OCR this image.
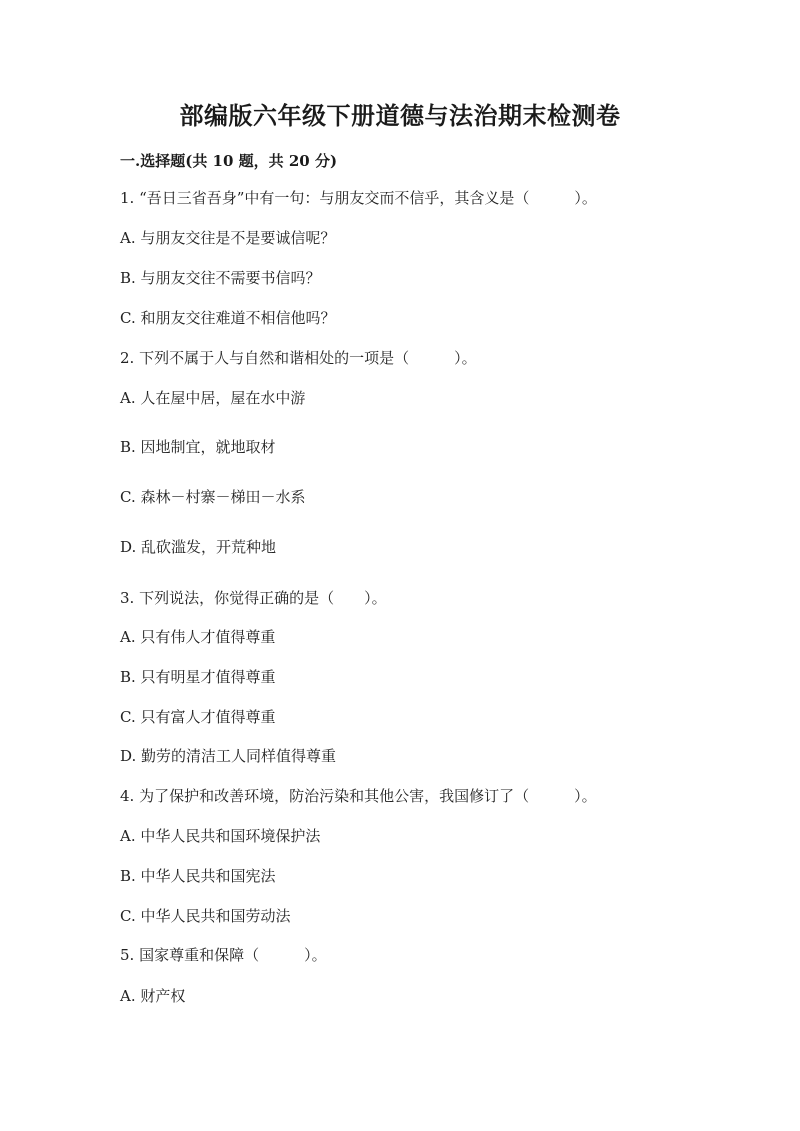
部编版六年级下册道德与法治期末检测卷
一.选择题(共 10 题，共 20 分)
1. “吾日三省吾身”中有一句：与朋友交而不信乎，其含义是（　　　）。
A. 与朋友交往是不是要诚信呢？
B. 与朋友交往不需要书信吗？
C. 和朋友交往难道不相信他吗？
2. 下列不属于人与自然和谐相处的一项是（　　　）。
A. 人在屋中居，屋在水中游
B. 因地制宜，就地取材
C. 森林－村寨－梯田－水系
D. 乱砍滥发，开荒种地
3. 下列说法，你觉得正确的是（　　）。
A. 只有伟人才值得尊重
B. 只有明星才值得尊重
C. 只有富人才值得尊重
D. 勤劳的清洁工人同样值得尊重
4. 为了保护和改善环境，防治污染和其他公害，我国修订了（　　　）。
A. 中华人民共和国环境保护法
B. 中华人民共和国宪法
C. 中华人民共和国劳动法
5. 国家尊重和保障（　　　）。
A. 财产权
